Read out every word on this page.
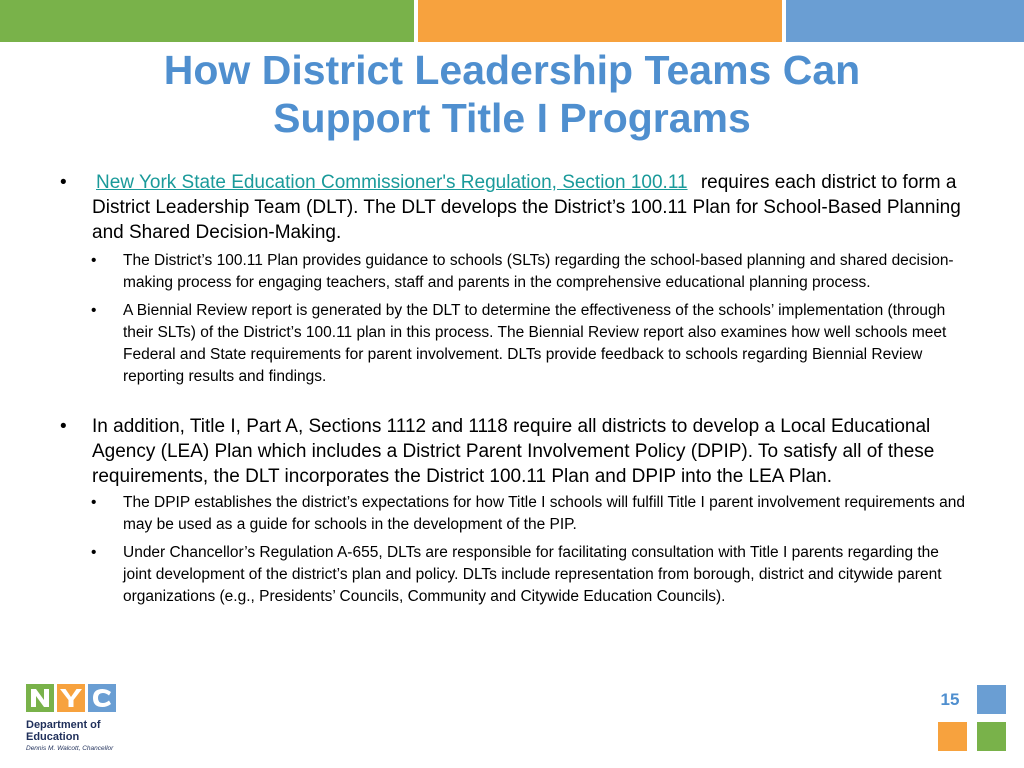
How District Leadership Teams Can
Support Title I Programs
• New York State Education Commissioner's Regulation, Section 100.11 requires each district to form a District Leadership Team (DLT). The DLT develops the District’s 100.11 Plan for School-Based Planning and Shared Decision-Making.
• The District’s 100.11 Plan provides guidance to schools (SLTs) regarding the school-based planning and shared decision-making process for engaging teachers, staff and parents in the comprehensive educational planning process.
• A Biennial Review report is generated by the DLT to determine the effectiveness of the schools’ implementation (through their SLTs) of the District’s 100.11 plan in this process. The Biennial Review report also examines how well schools meet Federal and State requirements for parent involvement. DLTs provide feedback to schools regarding Biennial Review reporting results and findings.
• In addition, Title I, Part A, Sections 1112 and 1118 require all districts to develop a Local Educational Agency (LEA) Plan which includes a District Parent Involvement Policy (DPIP). To satisfy all of these requirements, the DLT incorporates the District 100.11 Plan and DPIP into the LEA Plan.
• The DPIP establishes the district’s expectations for how Title I schools will fulfill Title I parent involvement requirements and may be used as a guide for schools in the development of the PIP.
• Under Chancellor’s Regulation A-655, DLTs are responsible for facilitating consultation with Title I parents regarding the joint development of the district’s plan and policy. DLTs include representation from borough, district and citywide parent organizations (e.g., Presidents’ Councils, Community and Citywide Education Councils).
Department of
Education
Dennis M. Walcott, Chancellor
15
